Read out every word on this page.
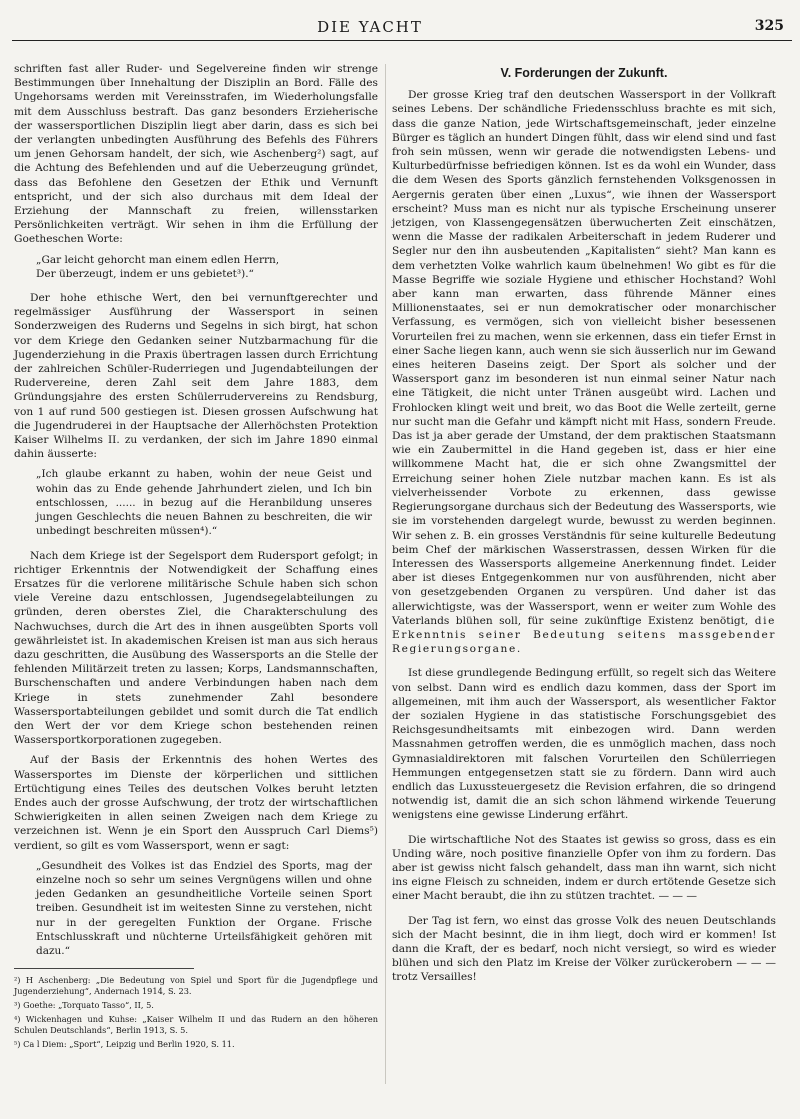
DIE YACHT	325

schriften fast aller Ruder- und Segelvereine finden wir strenge Bestimmungen über Innehaltung der Disziplin an Bord. Fälle des Ungehorsams werden mit Vereinsstrafen, im Wiederholungsfalle mit dem Ausschluss bestraft. Das ganz besonders Erzieherische der wassersportlichen Disziplin liegt aber darin, dass es sich bei der verlangten unbedingten Ausführung des Befehls des Führers um jenen Gehorsam handelt, der sich, wie Aschenberg²) sagt, auf die Achtung des Befehlenden und auf die Ueberzeugung gründet, dass das Befohlene den Gesetzen der Ethik und Vernunft entspricht, und der sich also durchaus mit dem Ideal der Erziehung der Mannschaft zu freien, willensstarken Persönlichkeiten verträgt. Wir sehen in ihm die Erfüllung der Goetheschen Worte:

„Gar leicht gehorcht man einem edlen Herrn,
Der überzeugt, indem er uns gebietet³).“

Der hohe ethische Wert, den bei vernunftgerechter und regelmässiger Ausführung der Wassersport in seinen Sonderzweigen des Ruderns und Segelns in sich birgt, hat schon vor dem Kriege den Gedanken seiner Nutzbarmachung für die Jugenderziehung in die Praxis übertragen lassen durch Errichtung der zahlreichen Schüler-Ruderriegen und Jugendabteilungen der Rudervereine, deren Zahl seit dem Jahre 1883, dem Gründungsjahre des ersten Schülerrudervereins zu Rendsburg, von 1 auf rund 500 gestiegen ist. Diesen grossen Aufschwung hat die Jugendruderei in der Hauptsache der Allerhöchsten Protektion Kaiser Wilhelms II. zu verdanken, der sich im Jahre 1890 einmal dahin äusserte:

„Ich glaube erkannt zu haben, wohin der neue Geist und wohin das zu Ende gehende Jahrhundert zielen, und Ich bin entschlossen, ...... in bezug auf die Heranbildung unseres jungen Geschlechts die neuen Bahnen zu beschreiten, die wir unbedingt beschreiten müssen⁴).“

Nach dem Kriege ist der Segelsport dem Rudersport gefolgt; in richtiger Erkenntnis der Notwendigkeit der Schaffung eines Ersatzes für die verlorene militärische Schule haben sich schon viele Vereine dazu entschlossen, Jugendsegelabteilungen zu gründen, deren oberstes Ziel, die Charakterschulung des Nachwuchses, durch die Art des in ihnen ausgeübten Sports voll gewährleistet ist. In akademischen Kreisen ist man aus sich heraus dazu geschritten, die Ausübung des Wassersports an die Stelle der fehlenden Militärzeit treten zu lassen; Korps, Landsmannschaften, Burschenschaften und andere Verbindungen haben nach dem Kriege in stets zunehmender Zahl besondere Wassersportabteilungen gebildet und somit durch die Tat endlich den Wert der vor dem Kriege schon bestehenden reinen Wassersportkorporationen zugegeben.

Auf der Basis der Erkenntnis des hohen Wertes des Wassersportes im Dienste der körperlichen und sittlichen Ertüchtigung eines Teiles des deutschen Volkes beruht letzten Endes auch der grosse Aufschwung, der trotz der wirtschaftlichen Schwierigkeiten in allen seinen Zweigen nach dem Kriege zu verzeichnen ist. Wenn je ein Sport den Ausspruch Carl Diems⁵) verdient, so gilt es vom Wassersport, wenn er sagt:

„Gesundheit des Volkes ist das Endziel des Sports, mag der einzelne noch so sehr um seines Vergnügens willen und ohne jeden Gedanken an gesundheitliche Vorteile seinen Sport treiben. Gesundheit ist im weitesten Sinne zu verstehen, nicht nur in der geregelten Funktion der Organe. Frische Entschlusskraft und nüchterne Urteilsfähigkeit gehören mit dazu.“
²) H Aschenberg: „Die Bedeutung von Spiel und Sport für die Jugendpflege und Jugenderziehung“, Andernach 1914, S. 23.
³) Goethe: „Torquato Tasso“, II, 5.
⁴) Wickenhagen und Kuhse: „Kaiser Wilhelm II und das Rudern an den höheren Schulen Deutschlands“, Berlin 1913, S. 5.
⁵) Ca l Diem: „Sport“, Leipzig und Berlin 1920, S. 11.
V. Forderungen der Zukunft.

Der grosse Krieg traf den deutschen Wassersport in der Vollkraft seines Lebens. Der schändliche Friedensschluss brachte es mit sich, dass die ganze Nation, jede Wirtschaftsgemeinschaft, jeder einzelne Bürger es täglich an hundert Dingen fühlt, dass wir elend sind und fast froh sein müssen, wenn wir gerade die notwendigsten Lebens- und Kulturbedürfnisse befriedigen können. Ist es da wohl ein Wunder, dass die dem Wesen des Sports gänzlich fernstehenden Volksgenossen in Aergernis geraten über einen „Luxus“, wie ihnen der Wassersport erscheint? Muss man es nicht nur als typische Erscheinung unserer jetzigen, von Klassengegensätzen überwucherten Zeit einschätzen, wenn die Masse der radikalen Arbeiterschaft in jedem Ruderer und Segler nur den ihn ausbeutenden „Kapitalisten“ sieht? Man kann es dem verhetzten Volke wahrlich kaum übelnehmen! Wo gibt es für die Masse Begriffe wie soziale Hygiene und ethischer Hochstand? Wohl aber kann man erwarten, dass führende Männer eines Millionenstaates, sei er nun demokratischer oder monarchischer Verfassung, es vermögen, sich von vielleicht bisher besessenen Vorurteilen frei zu machen, wenn sie erkennen, dass ein tiefer Ernst in einer Sache liegen kann, auch wenn sie sich äusserlich nur im Gewand eines heiteren Daseins zeigt. Der Sport als solcher und der Wassersport ganz im besonderen ist nun einmal seiner Natur nach eine Tätigkeit, die nicht unter Tränen ausgeübt wird. Lachen und Frohlocken klingt weit und breit, wo das Boot die Welle zerteilt, gerne nur sucht man die Gefahr und kämpft nicht mit Hass, sondern Freude. Das ist ja aber gerade der Umstand, der dem praktischen Staatsmann wie ein Zaubermittel in die Hand gegeben ist, dass er hier eine willkommene Macht hat, die er sich ohne Zwangsmittel der Erreichung seiner hohen Ziele nutzbar machen kann. Es ist als vielverheissender Vorbote zu erkennen, dass gewisse Regierungsorgane durchaus sich der Bedeutung des Wassersports, wie sie im vorstehenden dargelegt wurde, bewusst zu werden beginnen. Wir sehen z. B. ein grosses Verständnis für seine kulturelle Bedeutung beim Chef der märkischen Wasserstrassen, dessen Wirken für die Interessen des Wassersports allgemeine Anerkennung findet. Leider aber ist dieses Entgegenkommen nur von ausführenden, nicht aber von gesetzgebenden Organen zu verspüren. Und daher ist das allerwichtigste, was der Wassersport, wenn er weiter zum Wohle des Vaterlands blühen soll, für seine zukünftige Existenz benötigt, die Erkenntnis seiner Bedeutung seitens massgebender Regierungsorgane.

Ist diese grundlegende Bedingung erfüllt, so regelt sich das Weitere von selbst. Dann wird es endlich dazu kommen, dass der Sport im allgemeinen, mit ihm auch der Wassersport, als wesentlicher Faktor der sozialen Hygiene in das statistische Forschungsgebiet des Reichsgesundheitsamts mit einbezogen wird. Dann werden Massnahmen getroffen werden, die es unmöglich machen, dass noch Gymnasialdirektoren mit falschen Vorurteilen den Schülerriegen Hemmungen entgegensetzen statt sie zu fördern. Dann wird auch endlich das Luxussteuergesetz die Revision erfahren, die so dringend notwendig ist, damit die an sich schon lähmend wirkende Teuerung wenigstens eine gewisse Linderung erfährt.

Die wirtschaftliche Not des Staates ist gewiss so gross, dass es ein Unding wäre, noch positive finanzielle Opfer von ihm zu fordern. Das aber ist gewiss nicht falsch gehandelt, dass man ihn warnt, sich nicht ins eigne Fleisch zu schneiden, indem er durch ertötende Gesetze sich einer Macht beraubt, die ihn zu stützen trachtet. — — —

Der Tag ist fern, wo einst das grosse Volk des neuen Deutschlands sich der Macht besinnt, die in ihm liegt, doch wird er kommen! Ist dann die Kraft, der es bedarf, noch nicht versiegt, so wird es wieder blühen und sich den Platz im Kreise der Völker zurückerobern — — — trotz Versailles!
